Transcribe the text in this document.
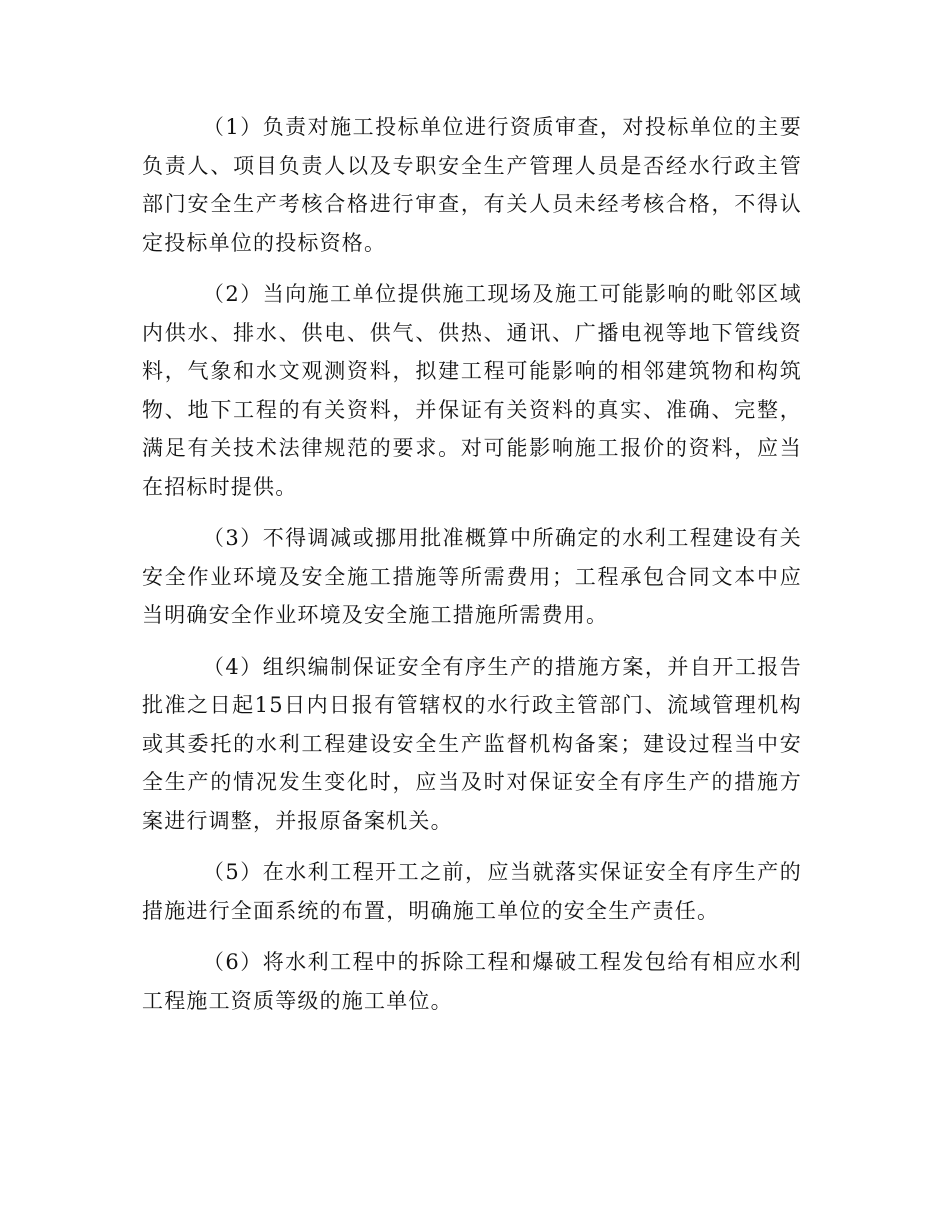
（1）负责对施工投标单位进行资质审查，对投标单位的主要负责人、项目负责人以及专职安全生产管理人员是否经水行政主管部门安全生产考核合格进行审查，有关人员未经考核合格，不得认定投标单位的投标资格。

（2）当向施工单位提供施工现场及施工可能影响的毗邻区域内供水、排水、供电、供气、供热、通讯、广播电视等地下管线资料，气象和水文观测资料，拟建工程可能影响的相邻建筑物和构筑物、地下工程的有关资料，并保证有关资料的真实、准确、完整，满足有关技术法律规范的要求。对可能影响施工报价的资料，应当在招标时提供。

（3）不得调减或挪用批准概算中所确定的水利工程建设有关安全作业环境及安全施工措施等所需费用；工程承包合同文本中应当明确安全作业环境及安全施工措施所需费用。

（4）组织编制保证安全有序生产的措施方案，并自开工报告批准之日起15日内日报有管辖权的水行政主管部门、流域管理机构或其委托的水利工程建设安全生产监督机构备案；建设过程当中安全生产的情况发生变化时，应当及时对保证安全有序生产的措施方案进行调整，并报原备案机关。

（5）在水利工程开工之前，应当就落实保证安全有序生产的措施进行全面系统的布置，明确施工单位的安全生产责任。

（6）将水利工程中的拆除工程和爆破工程发包给有相应水利工程施工资质等级的施工单位。
